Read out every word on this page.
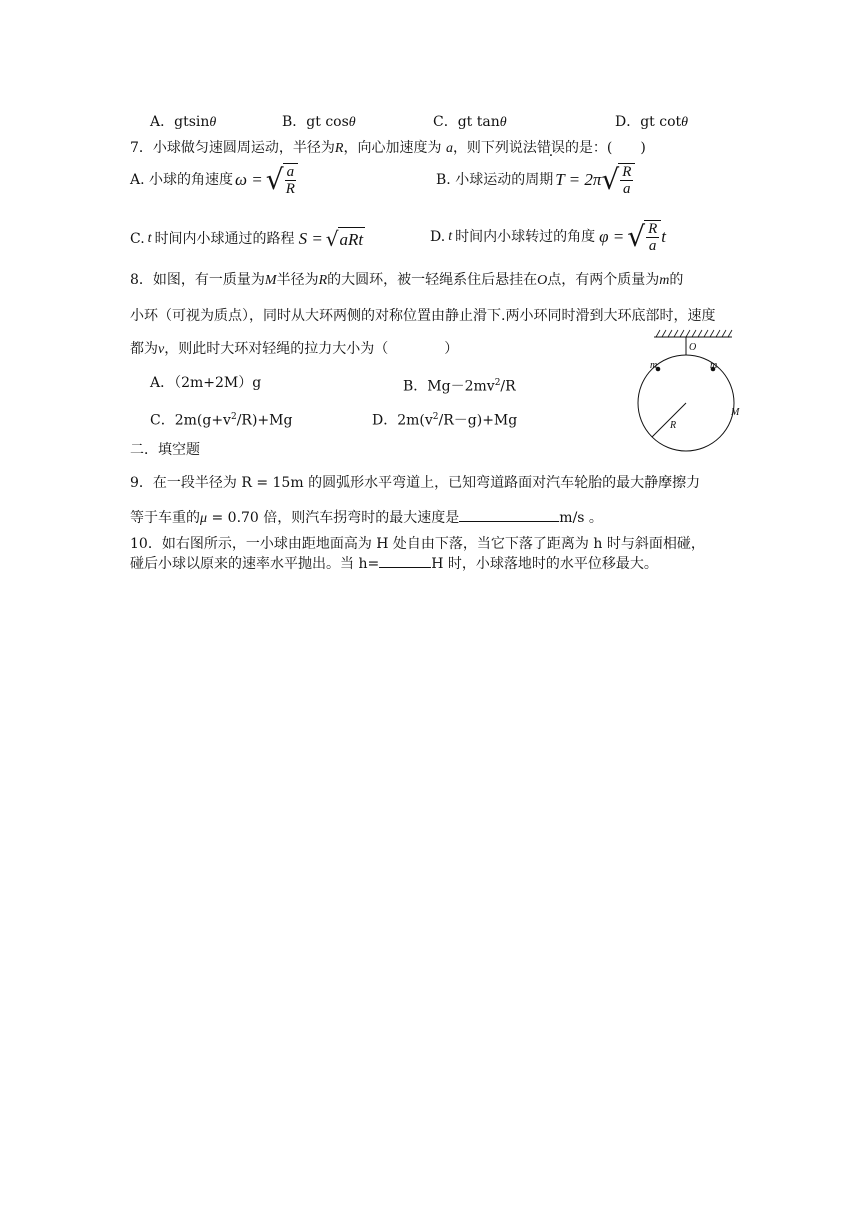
A．gtsinθ	B．gt cosθ	C．gt tanθ	D．gt cotθ
7．小球做匀速圆周运动，半径为R，向心加速度为 a，则下列说法错误的是：(　　)
A. 小球的角速度 ω = √ $\frac{a}{R}$	B. 小球运动的周期 T = 2π √ $\frac{R}{a}$
C. t 时间内小球通过的路程 S = √ aRt	D. t 时间内小球转过的角度 φ = √ $\frac{R}{a}$ t
8．如图，有一质量为M半径为R的大圆环，被一轻绳系住后悬挂在O点，有两个质量为m的
小环（可视为质点），同时从大环两侧的对称位置由静止滑下.两小环同时滑到大环底部时，速度
都为v，则此时大环对轻绳的拉力大小为（　　　　）
A．（2m+2M）g	B．$Mg-2mv^2/R$
C．$2m(g+v^2/R)+Mg$	D．$2m(v^2/R-g)+Mg$
O
m	m
M
R
二．填空题
9．在一段半径为 R = 15m 的圆弧形水平弯道上，已知弯道路面对汽车轮胎的最大静摩擦力
等于车重的μ = 0.70 倍，则汽车拐弯时的最大速度是	m/s 。
10．如右图所示，一小球由距地面高为 H 处自由下落，当它下落了距离为 h 时与斜面相碰，
碰后小球以原来的速率水平抛出。当 h=	H 时，小球落地时的水平位移最大。
